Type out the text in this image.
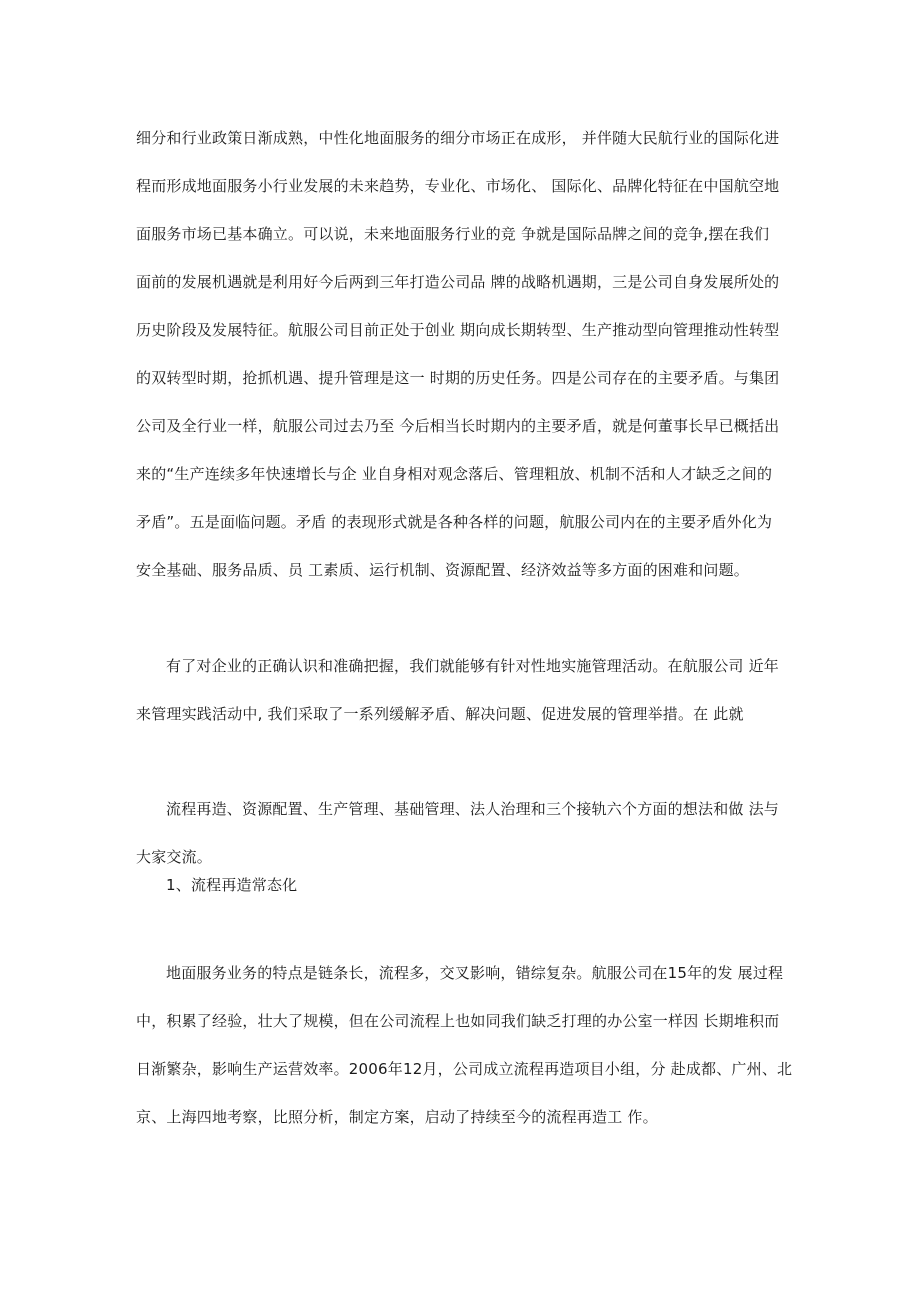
细分和行业政策日渐成熟，中性化地面服务的细分市场正在成形， 并伴随大民航行业的国际化进
程而形成地面服务小行业发展的未来趋势，专业化、市场化、 国际化、品牌化特征在中国航空地
面服务市场已基本确立。可以说，未来地面服务行业的竞 争就是国际品牌之间的竞争,摆在我们
面前的发展机遇就是利用好今后两到三年打造公司品 牌的战略机遇期，三是公司自身发展所处的
历史阶段及发展特征。航服公司目前正处于创业 期向成长期转型、生产推动型向管理推动性转型
的双转型时期，抢抓机遇、提升管理是这一 时期的历史任务。四是公司存在的主要矛盾。与集团
公司及全行业一样，航服公司过去乃至 今后相当长时期内的主要矛盾，就是何董事长早已概括出
来的“生产连续多年快速增长与企 业自身相对观念落后、管理粗放、机制不活和人才缺乏之间的
矛盾”。五是面临问题。矛盾 的表现形式就是各种各样的问题，航服公司内在的主要矛盾外化为
安全基础、服务品质、员 工素质、运行机制、资源配置、经济效益等多方面的困难和问题。
有了对企业的正确认识和准确把握，我们就能够有针对性地实施管理活动。在航服公司 近年
来管理实践活动中, 我们采取了一系列缓解矛盾、解决问题、促进发展的管理举措。在 此就
流程再造、资源配置、生产管理、基础管理、法人治理和三个接轨六个方面的想法和做 法与
大家交流。
1、流程再造常态化
地面服务业务的特点是链条长，流程多，交叉影响，错综复杂。航服公司在15年的发 展过程
中，积累了经验，壮大了规模，但在公司流程上也如同我们缺乏打理的办公室一样因 长期堆积而
日渐繁杂，影响生产运营效率。2006年12月，公司成立流程再造项目小组，分 赴成都、广州、北
京、上海四地考察，比照分析，制定方案，启动了持续至今的流程再造工 作。
